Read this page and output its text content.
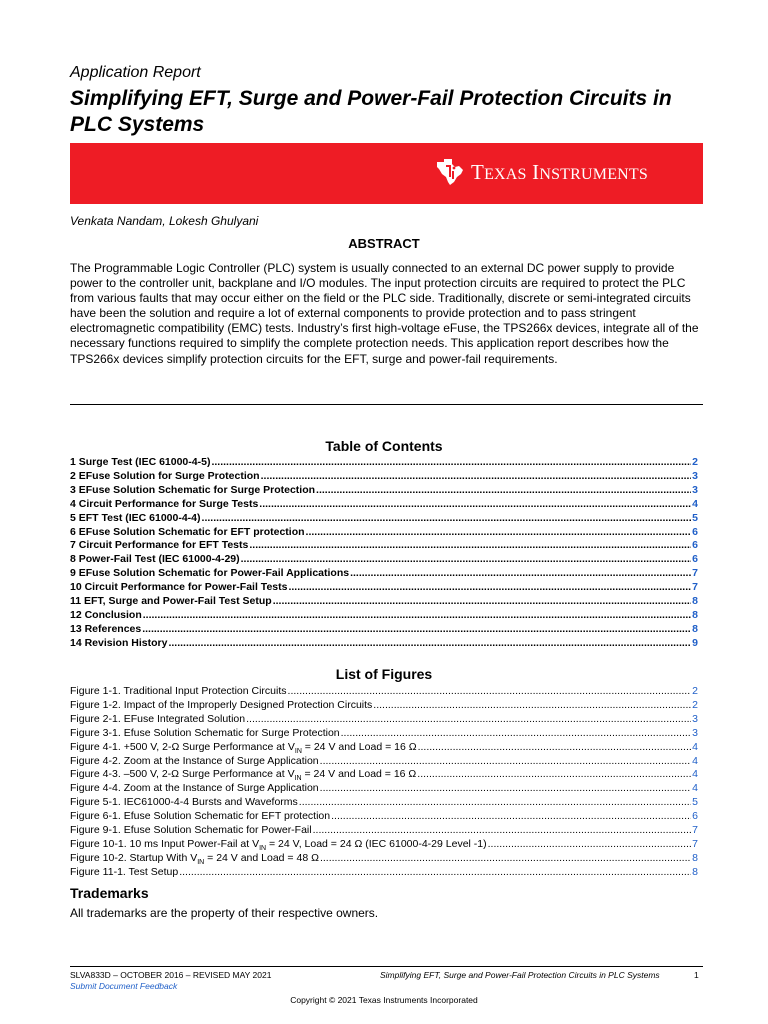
Application Report
Simplifying EFT, Surge and Power-Fail Protection Circuits in PLC Systems
TEXAS INSTRUMENTS
Venkata Nandam, Lokesh Ghulyani
ABSTRACT

The Programmable Logic Controller (PLC) system is usually connected to an external DC power supply to provide power to the controller unit, backplane and I/O modules. The input protection circuits are required to protect the PLC from various faults that may occur either on the field or the PLC side. Traditionally, discrete or semi-integrated circuits have been the solution and require a lot of external components to provide protection and to pass stringent electromagnetic compatibility (EMC) tests. Industry’s first high-voltage eFuse, the TPS266x devices, integrate all of the necessary functions required to simplify the complete protection needs. This application report describes how the TPS266x devices simplify protection circuits for the EFT, surge and power-fail requirements.

Table of Contents
1 Surge Test (IEC 61000-4-5) .....	2
2 EFuse Solution for Surge Protection .....	3
3 EFuse Solution Schematic for Surge Protection .....	3
4 Circuit Performance for Surge Tests .....	4
5 EFT Test (IEC 61000-4-4) .....	5
6 EFuse Solution Schematic for EFT protection .....	6
7 Circuit Performance for EFT Tests .....	6
8 Power-Fail Test (IEC 61000-4-29) .....	6
9 EFuse Solution Schematic for Power-Fail Applications .....	7
10 Circuit Performance for Power-Fail Tests .....	7
11 EFT, Surge and Power-Fail Test Setup .....	8
12 Conclusion .....	8
13 References .....	8
14 Revision History .....	9
List of Figures
Figure 1-1. Traditional Input Protection Circuits .....	2
Figure 1-2. Impact of the Improperly Designed Protection Circuits .....	2
Figure 2-1. EFuse Integrated Solution .....	3
Figure 3-1. Efuse Solution Schematic for Surge Protection .....	3
Figure 4-1. +500 V, 2-Ω Surge Performance at $V_{IN} = 24$ V and Load = 16 Ω .....	4
Figure 4-2. Zoom at the Instance of Surge Application .....	4
Figure 4-3. –500 V, 2-Ω Surge Performance at $V_{IN} = 24$ V and Load = 16 Ω .....	4
Figure 4-4. Zoom at the Instance of Surge Application .....	4
Figure 5-1. IEC61000-4-4 Bursts and Waveforms .....	5
Figure 6-1. Efuse Solution Schematic for EFT protection .....	6
Figure 9-1. Efuse Solution Schematic for Power-Fail .....	7
Figure 10-1. 10 ms Input Power-Fail at $V_{IN} = 24$ V, Load = 24 Ω (IEC 61000-4-29 Level -1) .....	7
Figure 10-2. Startup With $V_{IN} = 24$ V and Load = 48 Ω .....	8
Figure 11-1. Test Setup .....	8
Trademarks
All trademarks are the property of their respective owners.
SLVA833D – OCTOBER 2016 – REVISED MAY 2021	Simplifying EFT, Surge and Power-Fail Protection Circuits in PLC Systems	1
Submit Document Feedback
Copyright © 2021 Texas Instruments Incorporated
